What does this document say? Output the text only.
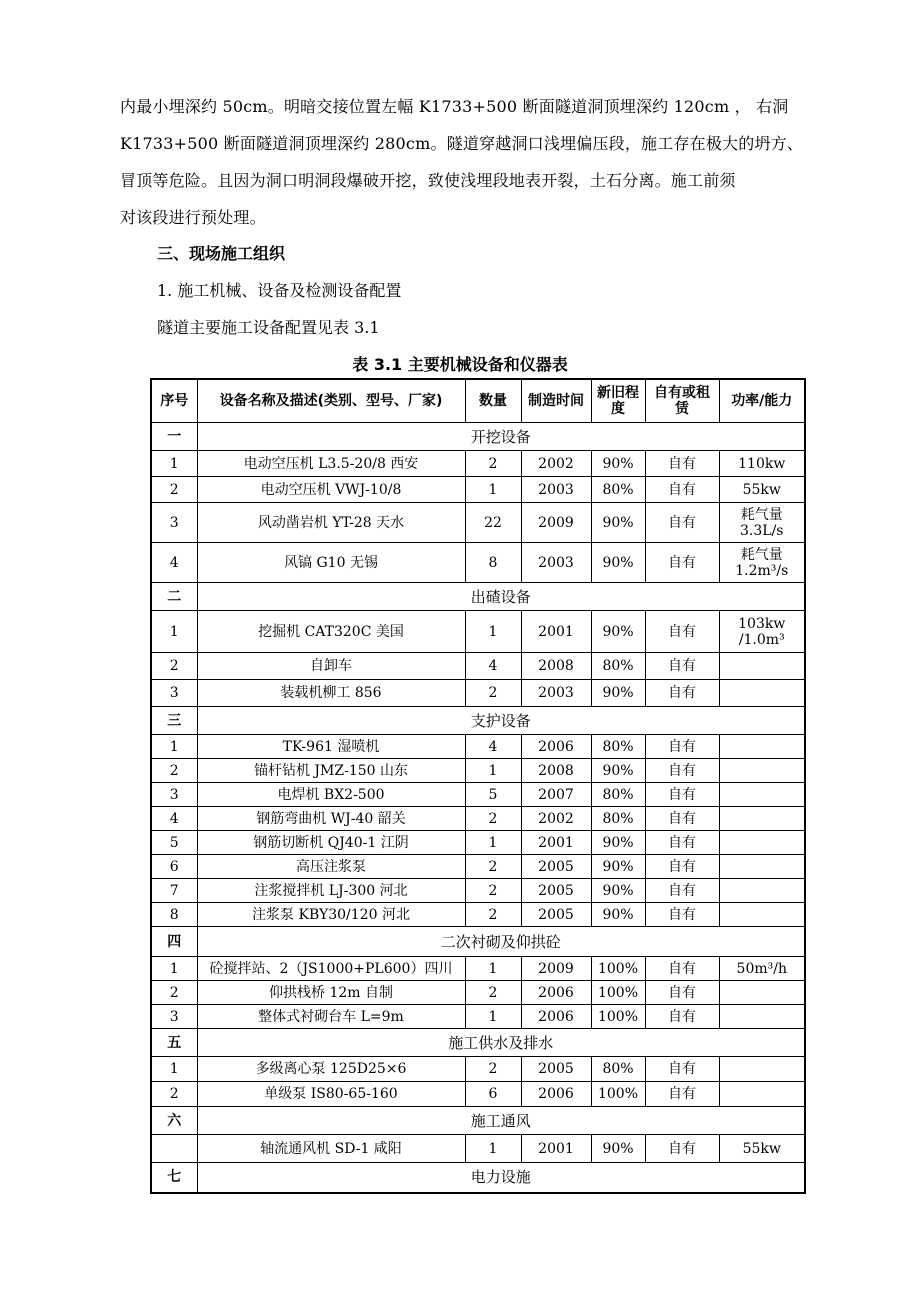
内最小埋深约 50cm。明暗交接位置左幅 K1733+500 断面隧道洞顶埋深约 120cm ， 右洞

K1733+500 断面隧道洞顶埋深约 280cm。隧道穿越洞口浅埋偏压段，施工存在极大的坍方、

冒顶等危险。且因为洞口明洞段爆破开挖，致使浅埋段地表开裂，土石分离。施工前须

对该段进行预处理。

三、现场施工组织
1. 施工机械、设备及检测设备配置
隧道主要施工设备配置见表 3.1
表 3.1 主要机械设备和仪器表
序号	设备名称及描述(类别、型号、厂家)	数量	制造时间	新旧程度	自有或租赁	功率/能力
一	开挖设备					
1	电动空压机 L3.5-20/8 西安	2	2002	90%	自有	110kw
2	电动空压机 VWJ-10/8	1	2003	80%	自有	55kw
3	风动凿岩机 YT-28 天水	22	2009	90%	自有	耗气量 3.3L/s
4	风镐 G10 无锡	8	2003	90%	自有	耗气量 1.2m³/s
二	出碴设备					
1	挖掘机 CAT320C 美国	1	2001	90%	自有	103kw /1.0m³
2	自卸车	4	2008	80%	自有	
3	装载机柳工 856	2	2003	90%	自有	
三	支护设备					
1	TK-961 湿喷机	4	2006	80%	自有	
2	锚杆钻机 JMZ-150 山东	1	2008	90%	自有	
3	电焊机 BX2-500	5	2007	80%	自有	
4	钢筋弯曲机 WJ-40 韶关	2	2002	80%	自有	
5	钢筋切断机 QJ40-1 江阴	1	2001	90%	自有	
6	高压注浆泵	2	2005	90%	自有	
7	注浆搅拌机 LJ-300 河北	2	2005	90%	自有	
8	注浆泵 KBY30/120 河北	2	2005	90%	自有	
四	二次衬砌及仰拱砼					
1	砼搅拌站、2（JS1000+PL600）四川	1	2009	100%	自有	50m³/h
2	仰拱栈桥 12m 自制	2	2006	100%	自有	
3	整体式衬砌台车 L=9m	1	2006	100%	自有	
五	施工供水及排水					
1	多级离心泵 125D25×6	2	2005	80%	自有	
2	单级泵 IS80-65-160	6	2006	100%	自有	
六	施工通风					
	轴流通风机 SD-1 咸阳	1	2001	90%	自有	55kw
七	电力设施					
